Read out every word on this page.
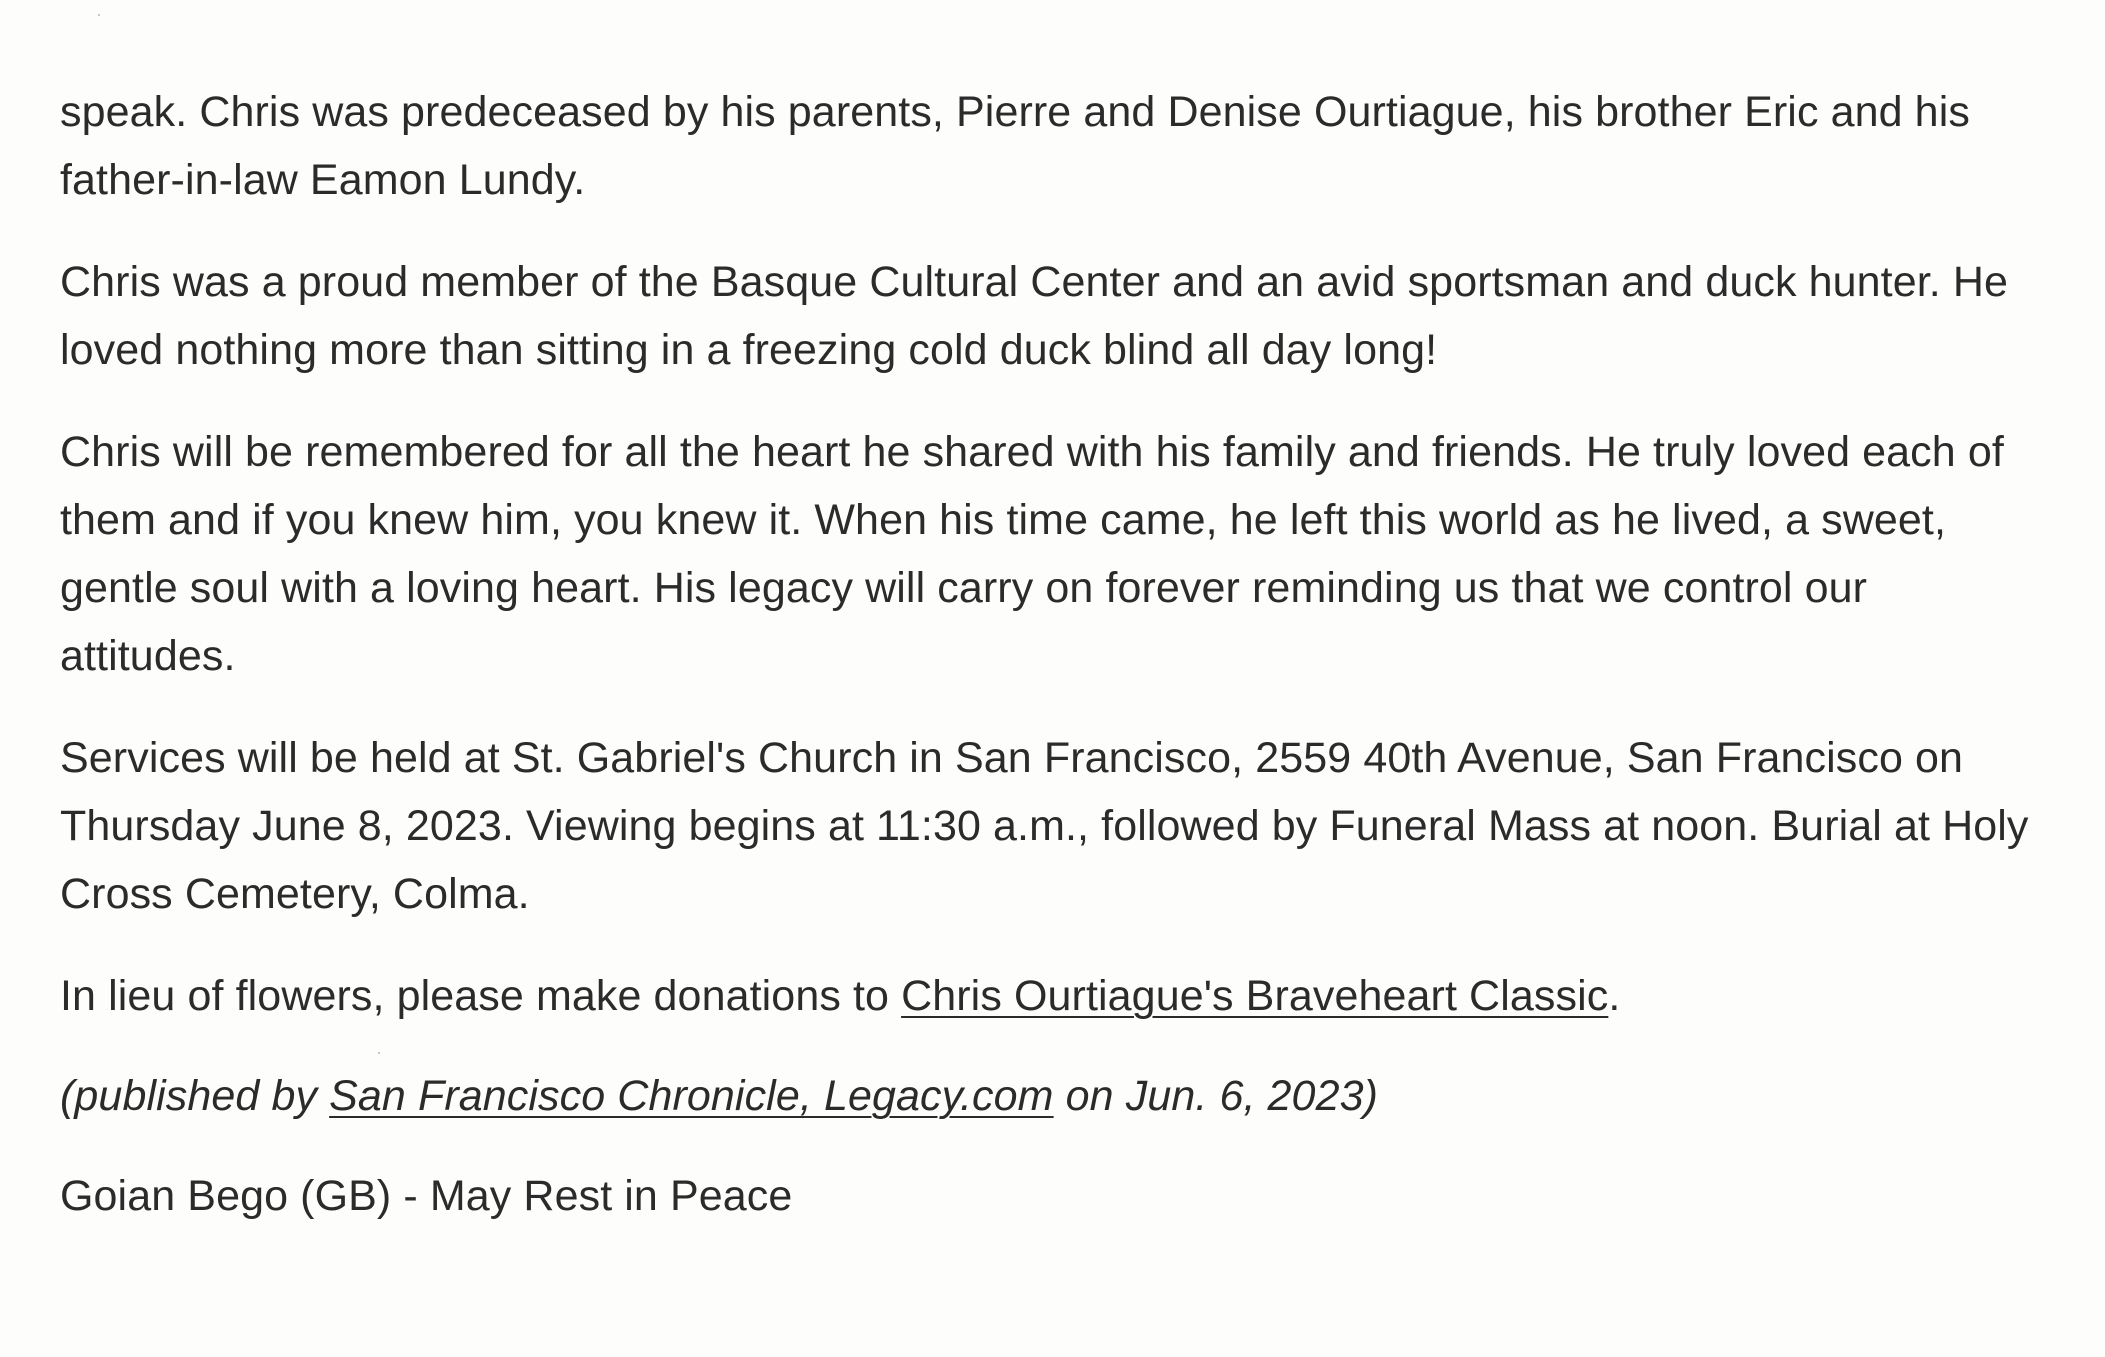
speak. Chris was predeceased by his parents, Pierre and Denise Ourtiague, his brother Eric and his father-in-law Eamon Lundy.

Chris was a proud member of the Basque Cultural Center and an avid sportsman and duck hunter. He loved nothing more than sitting in a freezing cold duck blind all day long!

Chris will be remembered for all the heart he shared with his family and friends. He truly loved each of them and if you knew him, you knew it. When his time came, he left this world as he lived, a sweet, gentle soul with a loving heart. His legacy will carry on forever reminding us that we control our attitudes.

Services will be held at St. Gabriel's Church in San Francisco, 2559 40th Avenue, San Francisco on Thursday June 8, 2023. Viewing begins at 11:30 a.m., followed by Funeral Mass at noon. Burial at Holy Cross Cemetery, Colma.

In lieu of flowers, please make donations to Chris Ourtiague's Braveheart Classic.

(published by San Francisco Chronicle, Legacy.com on Jun. 6, 2023)

Goian Bego (GB) - May Rest in Peace
